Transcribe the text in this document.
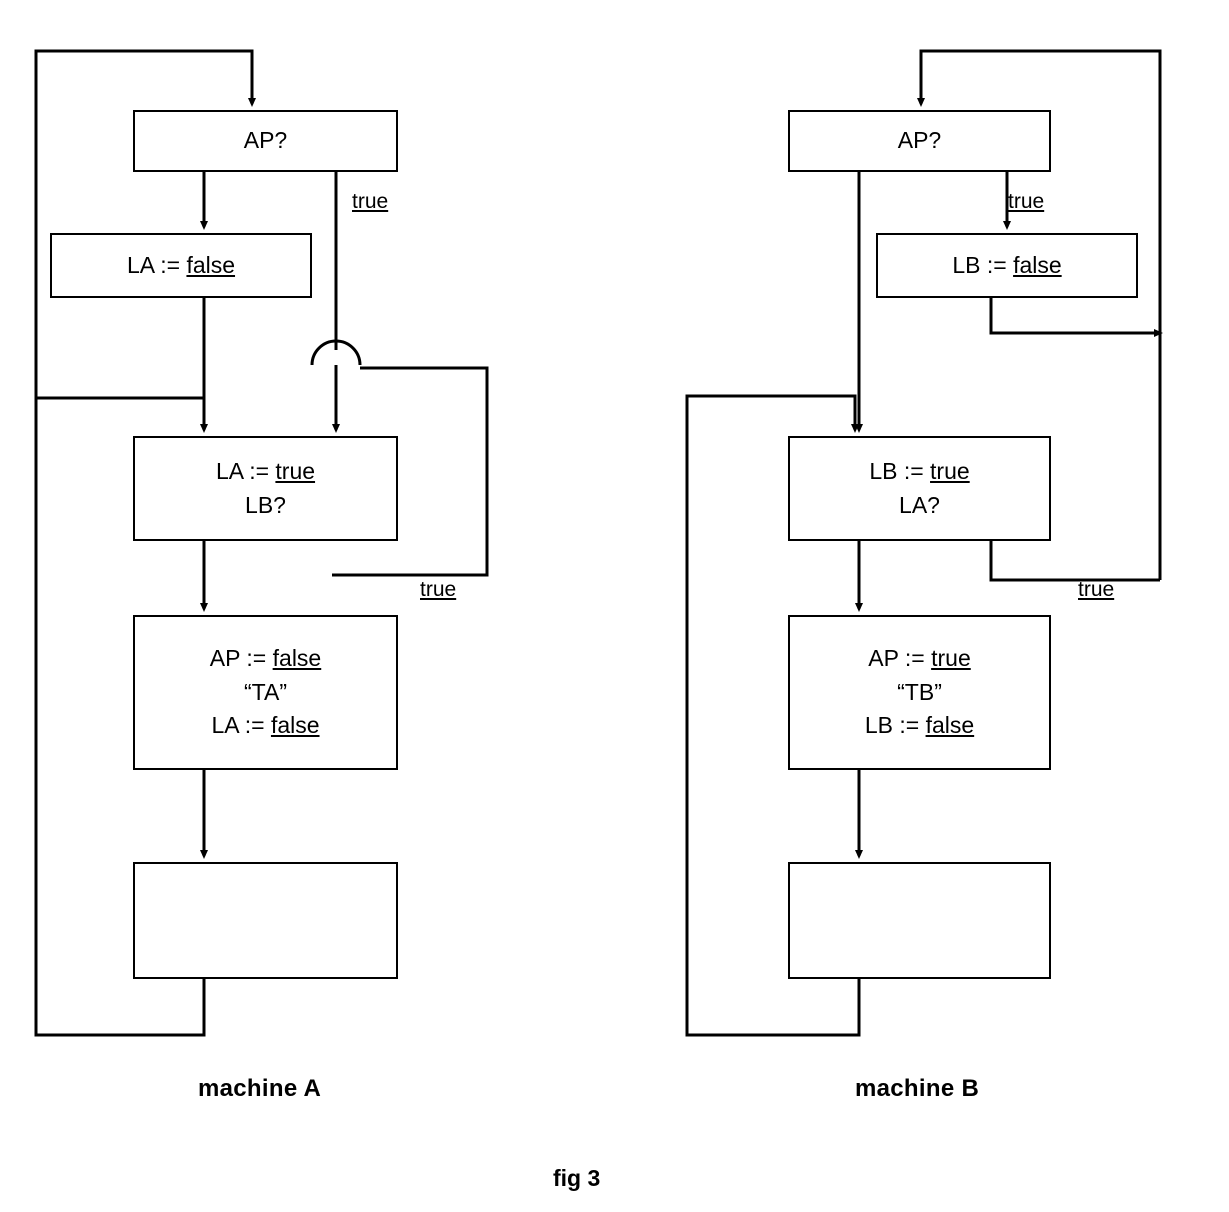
AP?
LA := false
LA := true
LB?
AP := false
“TA”
LA := false
true
true
AP?
LB := false
LB := true
LA?
AP := true
“TB”
LB := false
true
true
machine A	machine B
fig 3
